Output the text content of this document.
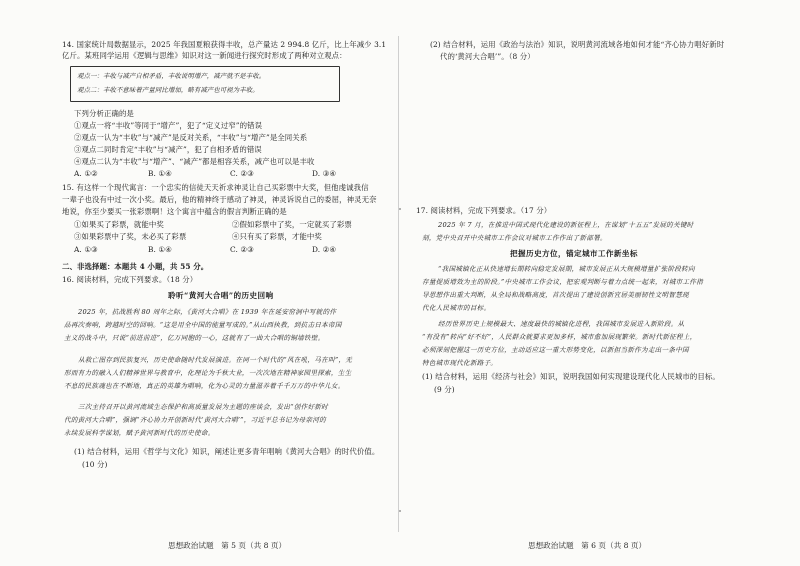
14. 国家统计局数据显示，2025 年我国夏粮获得丰收，总产量达 2 994.8 亿斤，比上年减少 3.1
亿斤。某班同学运用《逻辑与思维》知识对这一新闻进行探究时形成了两种对立观点：
观点一：丰收与减产自相矛盾，丰收说明增产，减产就不是丰收。
观点二：丰收不意味着产量同比增加，略有减产也可视为丰收。
下列分析正确的是
①观点一将“丰收”等同于“增产”，犯了“定义过窄”的错误
②观点一认为“丰收”与“减产”是反对关系，“丰收”与“增产”是全同关系
③观点二同时肯定“丰收”与“减产”，犯了自相矛盾的错误
④观点二认为“丰收”与“增产”、“减产”都是相容关系，减产也可以是丰收
A. ①②	B. ①④	C. ②③	D. ③④
15. 有这样一个现代寓言：一个忠实的信徒天天祈求神灵让自己买彩票中大奖，但他虔诚我信
一辈子也没有中过一次小奖。最后，他的精神终于感动了神灵，神灵诉说自己的委屈，神灵无奈
地说，你至少要买一张彩票啊！这个寓言中蕴含的假言判断正确的是
①如果买了彩票，就能中奖	②假如彩票中了奖，一定就买了彩票
③如果彩票中了奖，未必买了彩票	④只有买了彩票，才能中奖
A. ①③	B. ①④	C. ②③	D. ②④
二、非选择题：本题共 4 小题，共 55 分。
16. 阅读材料，完成下列要求。（18 分）
聆听“黄河大合唱”的历史回响
2025 年，抗战胜利 80 周年之际，《黄河大合唱》在 1939 年在延安窑洞中写就的作
品再次奏响，跨越时空的回响。“这是用全中国的能量写成的。”从山西执教，到抗击日本帝国
主义的战斗中，只说“前进前进”，亿万同胞的一心，这就有了一曲大合唱的铜墙铁壁。
从救亡图存到民族复兴，历史使命随时代发展演进。在同一个时代的“风在吼，马在叫”，无
形而有力的融入人们精神世界与教育中，化理论为千秋大业，一次次地在精神家园里探索，生生
不息的民族魂也在不断地，真正的英雄为唱响，化为心灵的力量滋养着千千万万的中华儿女。
三次主持召开以黄河流域生态保护和高质量发展为主题的座谈会，发出“创作好新时
代的黄河大合唱”，强调“齐心协力开创新时代‘黄河大合唱’”，习近平总书记为母亲河的
永续发展科学谋划，赋予黄河新时代的历史使命。
(1) 结合材料，运用《哲学与文化》知识，阐述让更多青年唱响《黄河大合唱》的时代价值。
(10 分)
思想政治试题　第 5 页（共 8 页）
(2) 结合材料，运用《政治与法治》知识，说明黄河流域各地如何才能“齐心协力唱好新时
代的‘黄河大合唱’”。（8 分）
17. 阅读材料，完成下列要求。（17 分）
2025 年 7 月，在推进中国式现代化建设的新征程上，在谋划“十五五”发展的关键时
刻，党中央召开中央城市工作会议对城市工作作出了新部署。
把握历史方位，锚定城市工作新坐标
“我国城镇化正从快速增长期转向稳定发展期，城市发展正从大规模增量扩张阶段转向
存量提质增效为主的阶段。”中央城市工作会议，把宏观判断与着力点统一起来，对城市工作指
导思想作出重大判断，从全局和战略高度，首次提出了建设创新宜居美丽韧性文明智慧现
代化人民城市的目标。
经历世界历史上规模最大、速度最快的城镇化进程，我国城市发展进入新阶段。从
“有没有”转向“好不好”，人民群众就要求更加多样，城市愈加展现繁荣。新时代新征程上，
必须深刻把握这一历史方位，主动适应这一重大形势变化，以新担当新作为走出一条中国
特色城市现代化新路子。
(1) 结合材料，运用《经济与社会》知识，说明我国如何实现建设现代化人民城市的目标。
(9 分)
思想政治试题　第 6 页（共 8 页）
